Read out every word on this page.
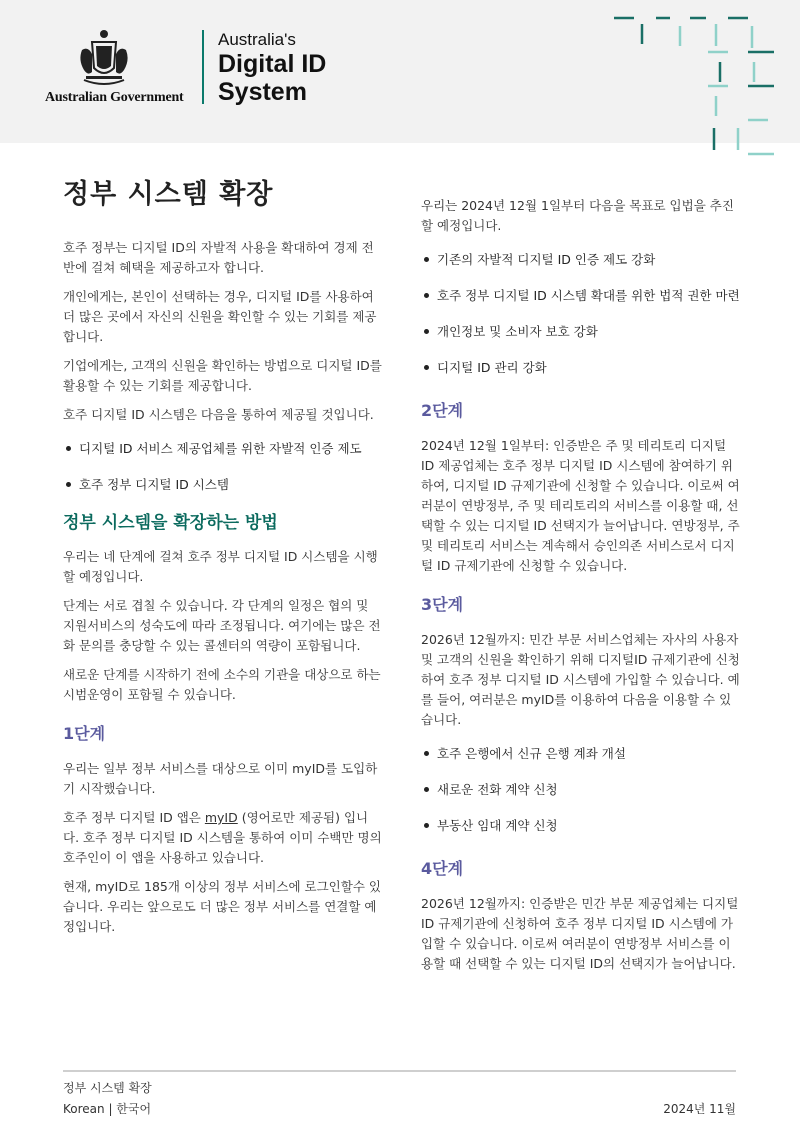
Australian Government
Australia's
Digital ID
System
정부 시스템 확장

호주 정부는 디지털 ID의 자발적 사용을 확대하여 경제 전반에 걸쳐 혜택을 제공하고자 합니다.

개인에게는, 본인이 선택하는 경우, 디지털 ID를 사용하여 더 많은 곳에서 자신의 신원을 확인할 수 있는 기회를 제공합니다.

기업에게는, 고객의 신원을 확인하는 방법으로 디지털 ID를 활용할 수 있는 기회를 제공합니다.

호주 디지털 ID 시스템은 다음을 통하여 제공될 것입니다.

디지털 ID 서비스 제공업체를 위한 자발적 인증 제도
호주 정부 디지털 ID 시스템
정부 시스템을 확장하는 방법

우리는 네 단계에 걸쳐 호주 정부 디지털 ID 시스템을 시행할 예정입니다.

단계는 서로 겹칠 수 있습니다. 각 단계의 일정은 협의 및 지원서비스의 성숙도에 따라 조정됩니다. 여기에는 많은 전화 문의를 충당할 수 있는 콜센터의 역량이 포함됩니다.

새로운 단계를 시작하기 전에 소수의 기관을 대상으로 하는 시범운영이 포함될 수 있습니다.

1단계

우리는 일부 정부 서비스를 대상으로 이미 myID를 도입하기 시작했습니다.

호주 정부 디지털 ID 앱은 myID (영어로만 제공됨) 입니다. 호주 정부 디지털 ID 시스템을 통하여 이미 수백만 명의 호주인이 이 앱을 사용하고 있습니다.

현재, myID로 185개 이상의 정부 서비스에 로그인할수 있습니다. 우리는 앞으로도 더 많은 정부 서비스를 연결할 예정입니다.

우리는 2024년 12월 1일부터 다음을 목표로 입법을 추진할 예정입니다.

기존의 자발적 디지털 ID 인증 제도 강화
호주 정부 디지털 ID 시스템 확대를 위한 법적 권한 마련
개인정보 및 소비자 보호 강화
디지털 ID 관리 강화
2단계

2024년 12월 1일부터: 인증받은 주 및 테리토리 디지털 ID 제공업체는 호주 정부 디지털 ID 시스템에 참여하기 위하여, 디지털 ID 규제기관에 신청할 수 있습니다. 이로써 여러분이 연방정부, 주 및 테리토리의 서비스를 이용할 때, 선택할 수 있는 디지털 ID 선택지가 늘어납니다. 연방정부, 주 및 테리토리 서비스는 계속해서 승인의존 서비스로서 디지털 ID 규제기관에 신청할 수 있습니다.

3단계

2026년 12월까지: 민간 부문 서비스업체는 자사의 사용자 및 고객의 신원을 확인하기 위해 디지털ID 규제기관에 신청하여 호주 정부 디지털 ID 시스템에 가입할 수 있습니다. 예를 들어, 여러분은 myID를 이용하여 다음을 이용할 수 있습니다.

호주 은행에서 신규 은행 계좌 개설
새로운 전화 계약 신청
부동산 임대 계약 신청
4단계

2026년 12월까지: 인증받은 민간 부문 제공업체는 디지털ID 규제기관에 신청하여 호주 정부 디지털 ID 시스템에 가입할 수 있습니다. 이로써 여러분이 연방정부 서비스를 이용할 때 선택할 수 있는 디지털 ID의 선택지가 늘어납니다.

정부 시스템 확장
Korean | 한국어	2024년 11월
